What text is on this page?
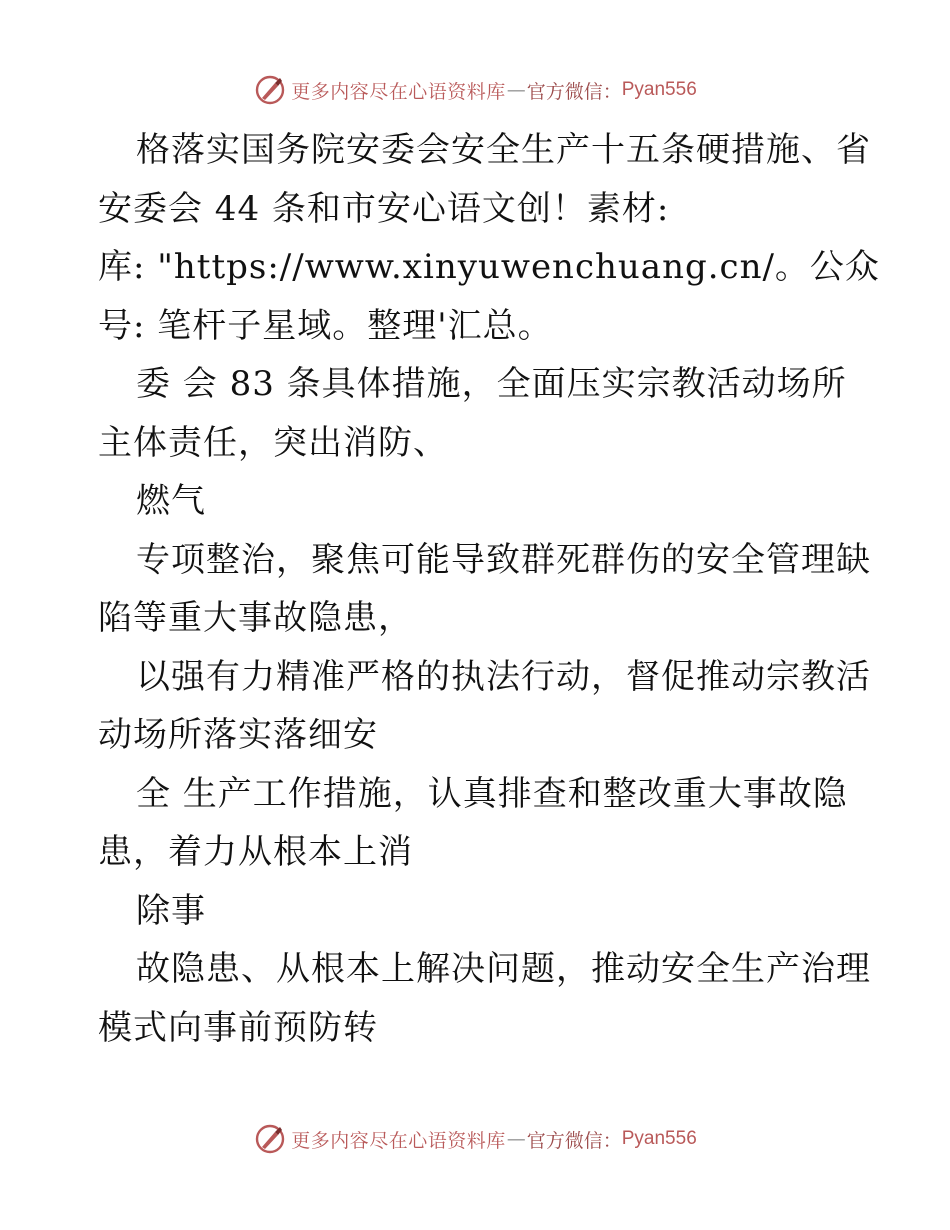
更多内容尽在心语资料库 — 官方微信： Pyan556
格落实国务院安委会安全生产十五条硬措施、省
安委会 44 条和市安心语文创！素材:
库: "https://www.xinyuwenchuang.cn/。公众
号: 笔杆子星域。整理'汇总。
委 会 83 条具体措施，全面压实宗教活动场所
主体责任，突出消防、
燃气
专项整治，聚焦可能导致群死群伤的安全管理缺
陷等重大事故隐患，
以强有力精准严格的执法行动，督促推动宗教活
动场所落实落细安
全 生产工作措施，认真排查和整改重大事故隐
患，着力从根本上消
除事
故隐患、从根本上解决问题，推动安全生产治理
模式向事前预防转
更多内容尽在心语资料库 — 官方微信： Pyan556
